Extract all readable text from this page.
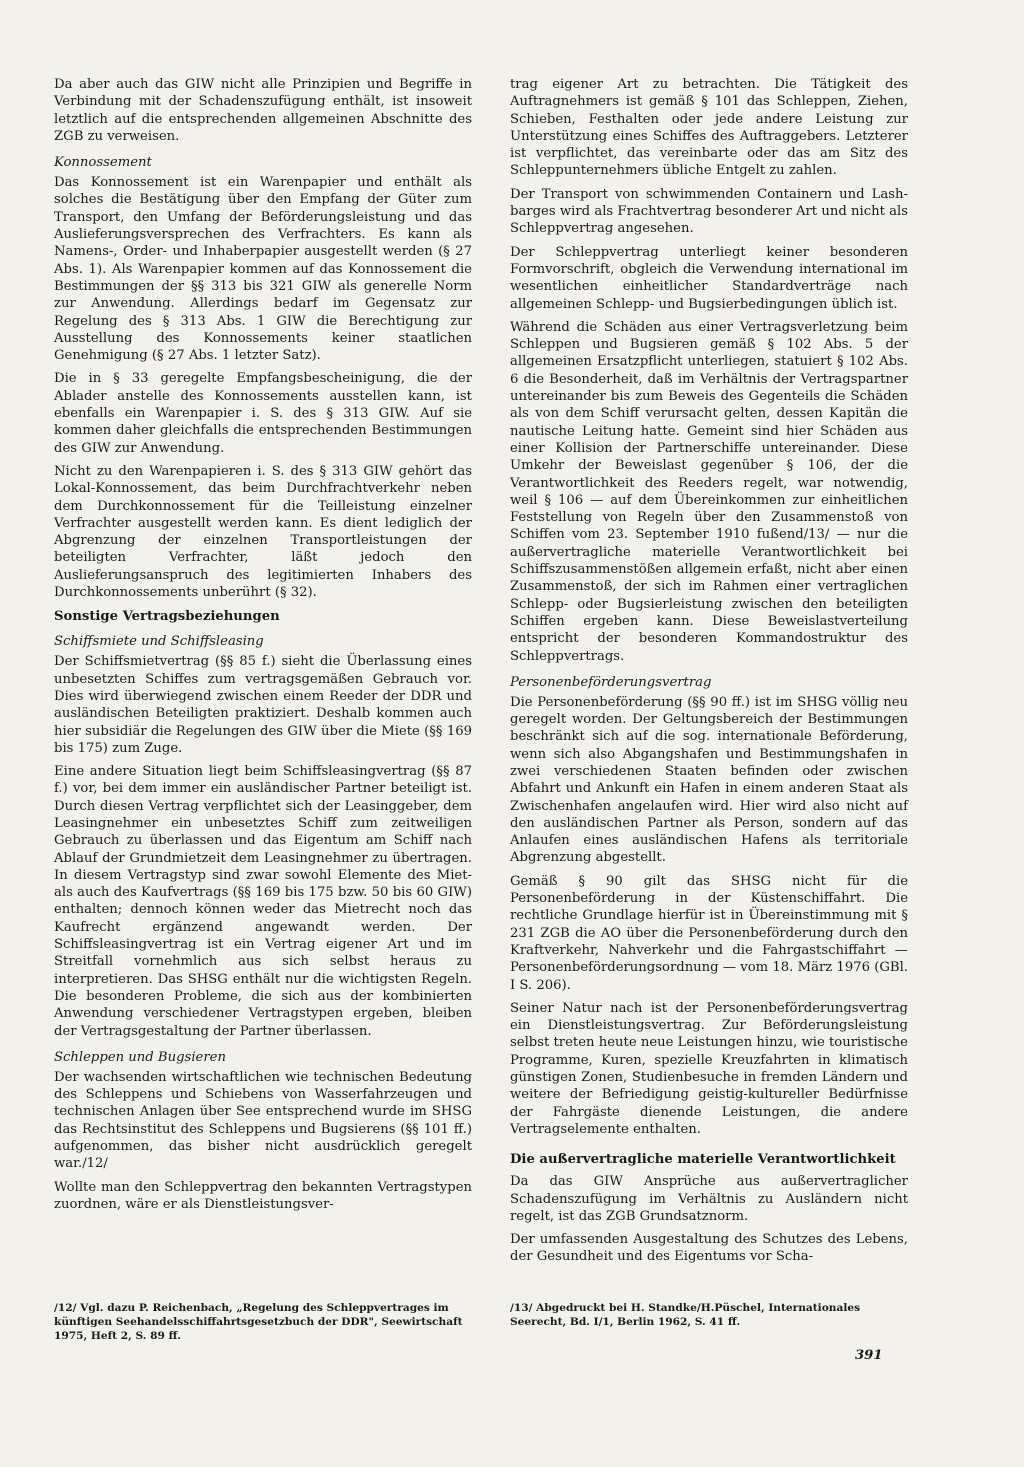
Da aber auch das GIW nicht alle Prinzipien und Begriffe in Verbindung mit der Schadenszufügung enthält, ist insoweit letztlich auf die entsprechenden allgemeinen Abschnitte des ZGB zu verweisen.

Konnossement

Das Konnossement ist ein Warenpapier und enthält als solches die Bestätigung über den Empfang der Güter zum Transport, den Umfang der Beförderungsleistung und das Auslieferungsversprechen des Verfrachters. Es kann als Namens-, Order- und Inhaberpapier ausgestellt werden (§ 27 Abs. 1). Als Warenpapier kommen auf das Konnossement die Bestimmungen der §§ 313 bis 321 GIW als generelle Norm zur Anwendung. Allerdings bedarf im Gegensatz zur Regelung des § 313 Abs. 1 GIW die Berechtigung zur Ausstellung des Konnossements keiner staatlichen Genehmigung (§ 27 Abs. 1 letzter Satz).

Die in § 33 geregelte Empfangsbescheinigung, die der Ablader anstelle des Konnossements ausstellen kann, ist ebenfalls ein Warenpapier i. S. des § 313 GIW. Auf sie kommen daher gleichfalls die entsprechenden Bestimmungen des GIW zur Anwendung.

Nicht zu den Warenpapieren i. S. des § 313 GIW gehört das Lokal-Konnossement, das beim Durchfrachtverkehr neben dem Durchkonnossement für die Teilleistung einzelner Verfrachter ausgestellt werden kann. Es dient lediglich der Abgrenzung der einzelnen Transportleistungen der beteiligten Verfrachter, läßt jedoch den Auslieferungsanspruch des legitimierten Inhabers des Durchkonnossements unberührt (§ 32).

Sonstige Vertragsbeziehungen
Schiffsmiete und Schiffsleasing

Der Schiffsmietvertrag (§§ 85 f.) sieht die Überlassung eines unbesetzten Schiffes zum vertragsgemäßen Gebrauch vor. Dies wird überwiegend zwischen einem Reeder der DDR und ausländischen Beteiligten praktiziert. Deshalb kommen auch hier subsidiär die Regelungen des GIW über die Miete (§§ 169 bis 175) zum Zuge.

Eine andere Situation liegt beim Schiffsleasingvertrag (§§ 87 f.) vor, bei dem immer ein ausländischer Partner beteiligt ist. Durch diesen Vertrag verpflichtet sich der Leasinggeber, dem Leasingnehmer ein unbesetztes Schiff zum zeitweiligen Gebrauch zu überlassen und das Eigentum am Schiff nach Ablauf der Grundmietzeit dem Leasingnehmer zu übertragen. In diesem Vertragstyp sind zwar sowohl Elemente des Miet- als auch des Kaufvertrags (§§ 169 bis 175 bzw. 50 bis 60 GIW) enthalten; dennoch können weder das Mietrecht noch das Kaufrecht ergänzend angewandt werden. Der Schiffsleasingvertrag ist ein Vertrag eigener Art und im Streitfall vornehmlich aus sich selbst heraus zu interpretieren. Das SHSG enthält nur die wichtigsten Regeln. Die besonderen Probleme, die sich aus der kombinierten Anwendung verschiedener Vertragstypen ergeben, bleiben der Vertragsgestaltung der Partner überlassen.

Schleppen und Bugsieren

Der wachsenden wirtschaftlichen wie technischen Bedeutung des Schleppens und Schiebens von Wasserfahrzeugen und technischen Anlagen über See entsprechend wurde im SHSG das Rechtsinstitut des Schleppens und Bugsierens (§§ 101 ff.) aufgenommen, das bisher nicht ausdrücklich geregelt war./12/

Wollte man den Schleppvertrag den bekannten Vertragstypen zuordnen, wäre er als Dienstleistungsver-

trag eigener Art zu betrachten. Die Tätigkeit des Auftragnehmers ist gemäß § 101 das Schleppen, Ziehen, Schieben, Festhalten oder jede andere Leistung zur Unterstützung eines Schiffes des Auftraggebers. Letzterer ist verpflichtet, das vereinbarte oder das am Sitz des Schleppunternehmers übliche Entgelt zu zahlen.

Der Transport von schwimmenden Containern und Lash-barges wird als Frachtvertrag besonderer Art und nicht als Schleppvertrag angesehen.

Der Schleppvertrag unterliegt keiner besonderen Formvorschrift, obgleich die Verwendung international im wesentlichen einheitlicher Standardverträge nach allgemeinen Schlepp- und Bugsierbedingungen üblich ist.

Während die Schäden aus einer Vertragsverletzung beim Schleppen und Bugsieren gemäß § 102 Abs. 5 der allgemeinen Ersatzpflicht unterliegen, statuiert § 102 Abs. 6 die Besonderheit, daß im Verhältnis der Vertragspartner untereinander bis zum Beweis des Gegenteils die Schäden als von dem Schiff verursacht gelten, dessen Kapitän die nautische Leitung hatte. Gemeint sind hier Schäden aus einer Kollision der Partnerschiffe untereinander. Diese Umkehr der Beweislast gegenüber § 106, der die Verantwortlichkeit des Reeders regelt, war notwendig, weil § 106 — auf dem Übereinkommen zur einheitlichen Feststellung von Regeln über den Zusammenstoß von Schiffen vom 23. September 1910 fußend/13/ — nur die außervertragliche materielle Verantwortlichkeit bei Schiffszusammenstößen allgemein erfaßt, nicht aber einen Zusammenstoß, der sich im Rahmen einer vertraglichen Schlepp- oder Bugsierleistung zwischen den beteiligten Schiffen ergeben kann. Diese Beweislastverteilung entspricht der besonderen Kommandostruktur des Schleppvertrags.

Personenbeförderungsvertrag

Die Personenbeförderung (§§ 90 ff.) ist im SHSG völlig neu geregelt worden. Der Geltungsbereich der Bestimmungen beschränkt sich auf die sog. internationale Beförderung, wenn sich also Abgangshafen und Bestimmungshafen in zwei verschiedenen Staaten befinden oder zwischen Abfahrt und Ankunft ein Hafen in einem anderen Staat als Zwischenhafen angelaufen wird. Hier wird also nicht auf den ausländischen Partner als Person, sondern auf das Anlaufen eines ausländischen Hafens als territoriale Abgrenzung abgestellt.

Gemäß § 90 gilt das SHSG nicht für die Personenbeförderung in der Küstenschiffahrt. Die rechtliche Grundlage hierfür ist in Übereinstimmung mit § 231 ZGB die AO über die Personenbeförderung durch den Kraftverkehr, Nahverkehr und die Fahrgastschiffahrt — Personenbeförderungsordnung — vom 18. März 1976 (GBl. I S. 206).

Seiner Natur nach ist der Personenbeförderungsvertrag ein Dienstleistungsvertrag. Zur Beförderungsleistung selbst treten heute neue Leistungen hinzu, wie touristische Programme, Kuren, spezielle Kreuzfahrten in klimatisch günstigen Zonen, Studienbesuche in fremden Ländern und weitere der Befriedigung geistig-kultureller Bedürfnisse der Fahrgäste dienende Leistungen, die andere Vertragselemente enthalten.

Die außervertragliche materielle Verantwortlichkeit

Da das GIW Ansprüche aus außervertraglicher Schadenszufügung im Verhältnis zu Ausländern nicht regelt, ist das ZGB Grundsatznorm.

Der umfassenden Ausgestaltung des Schutzes des Lebens, der Gesundheit und des Eigentums vor Scha-

/12/ Vgl. dazu P. Reichenbach, „Regelung des Schleppvertrages im künftigen Seehandelsschiffahrtsgesetzbuch der DDR", Seewirtschaft 1975, Heft 2, S. 89 ff.

/13/ Abgedruckt bei H. Standke/H.Püschel, Internationales Seerecht, Bd. I/1, Berlin 1962, S. 41 ff.

391
